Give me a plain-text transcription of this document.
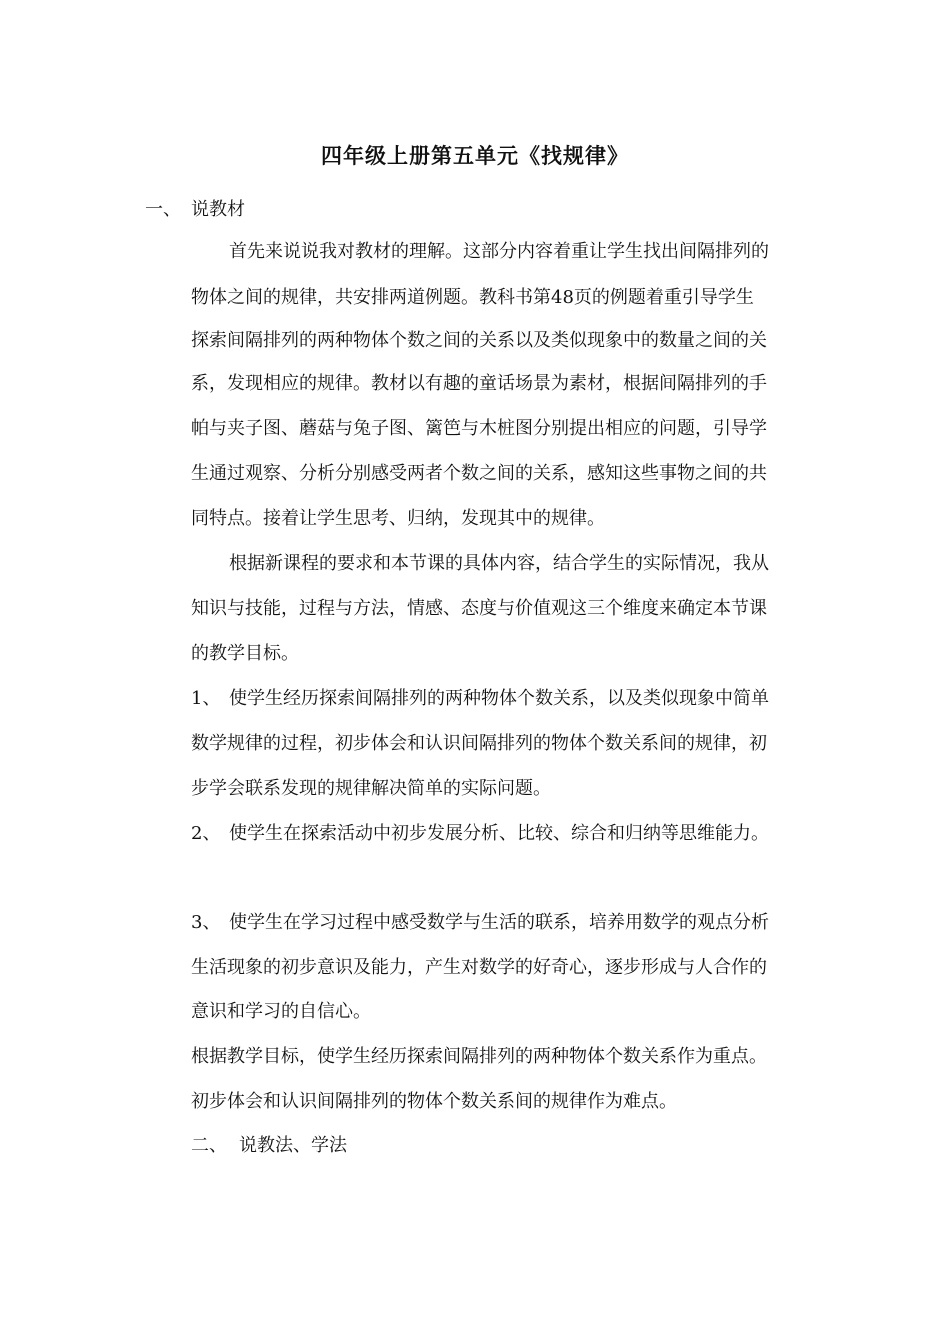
四年级上册第五单元《找规律》
一、 说教材
首先来说说我对教材的理解。这部分内容着重让学生找出间隔排列的
物体之间的规律，共安排两道例题。教科书第48页的例题着重引导学生
探索间隔排列的两种物体个数之间的关系以及类似现象中的数量之间的关
系，发现相应的规律。教材以有趣的童话场景为素材，根据间隔排列的手
帕与夹子图、蘑菇与兔子图、篱笆与木桩图分别提出相应的问题，引导学
生通过观察、分析分别感受两者个数之间的关系，感知这些事物之间的共
同特点。接着让学生思考、归纳，发现其中的规律。
根据新课程的要求和本节课的具体内容，结合学生的实际情况，我从
知识与技能，过程与方法，情感、态度与价值观这三个维度来确定本节课
的教学目标。
1、 使学生经历探索间隔排列的两种物体个数关系，以及类似现象中简单
数学规律的过程，初步体会和认识间隔排列的物体个数关系间的规律，初
步学会联系发现的规律解决简单的实际问题。
2、 使学生在探索活动中初步发展分析、比较、综合和归纳等思维能力。
3、 使学生在学习过程中感受数学与生活的联系，培养用数学的观点分析
生活现象的初步意识及能力，产生对数学的好奇心，逐步形成与人合作的
意识和学习的自信心。
根据教学目标，使学生经历探索间隔排列的两种物体个数关系作为重点。
初步体会和认识间隔排列的物体个数关系间的规律作为难点。
二、 说教法、学法
